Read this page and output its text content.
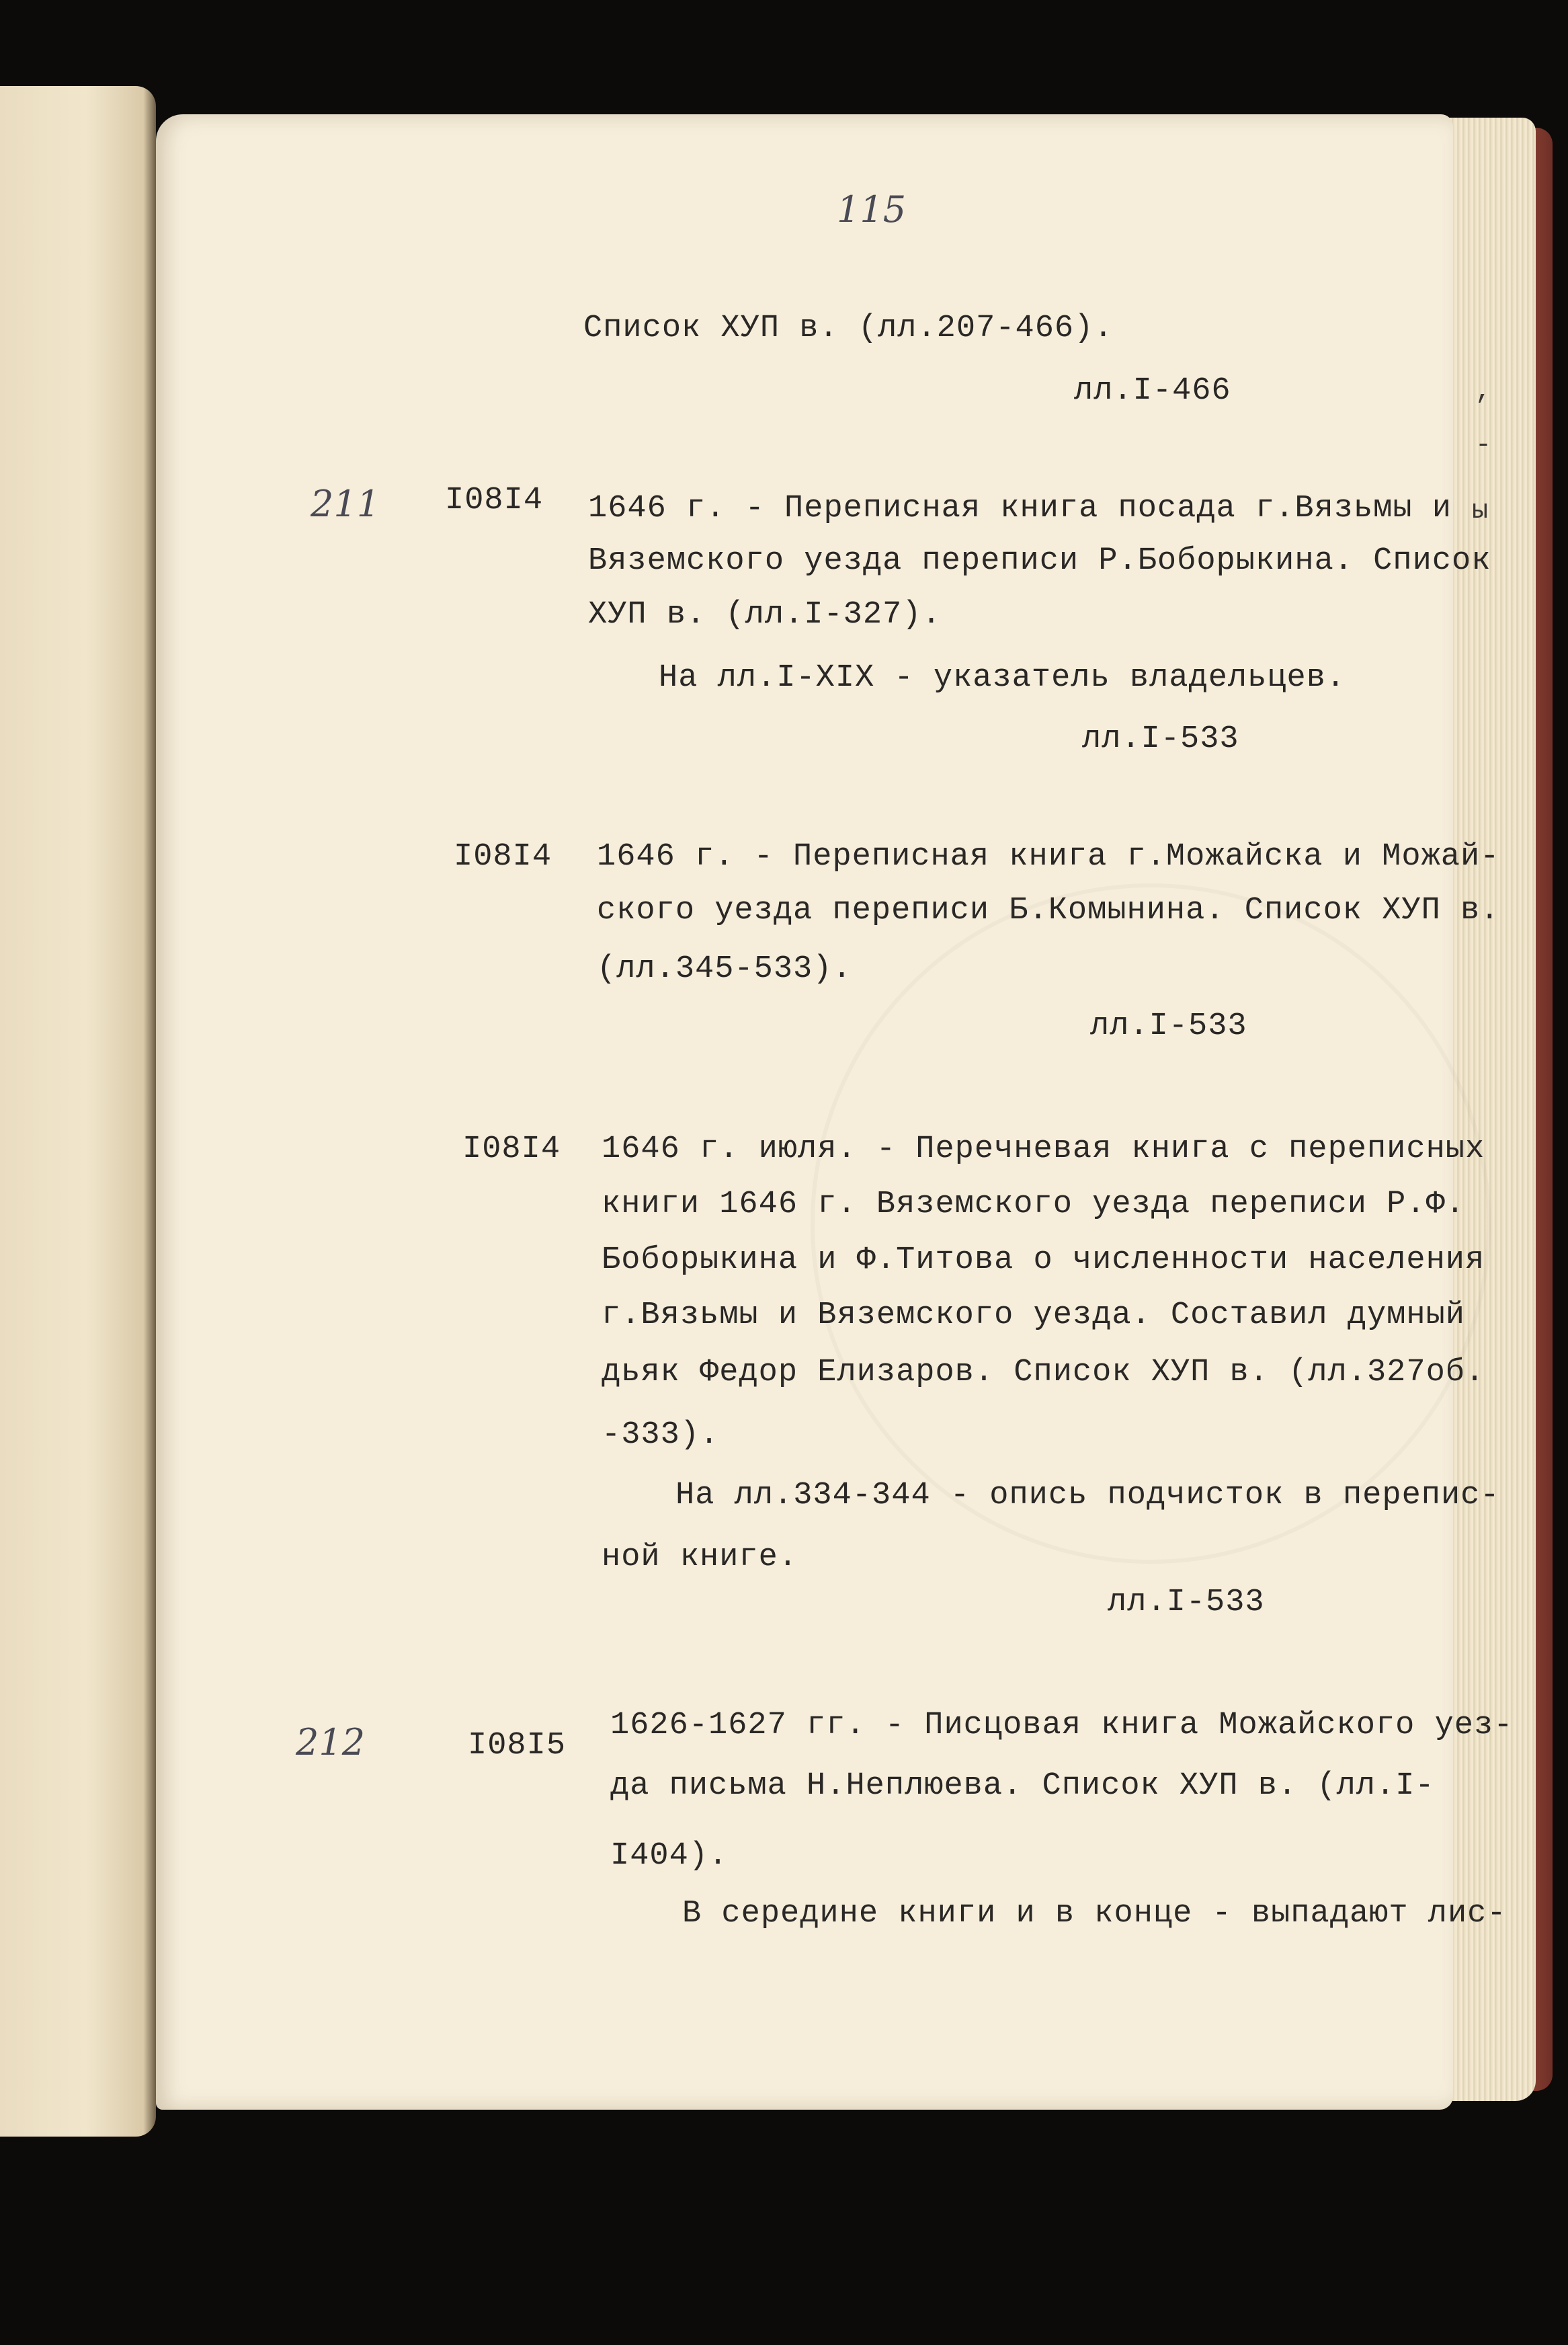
115
Список ХУП в. (лл.207-466).
лл.I-466
211 I08I4 1646 г. - Переписная книга посада г.Вязьмы и
Вяземского уезда переписи Р.Боборыкина. Список
ХУП в. (лл.I-327).
На лл.I-XIX - указатель владельцев.
лл.I-533
I08I4 1646 г. - Переписная книга г.Можайска и Можай-
ского уезда переписи Б.Комынина. Список ХУП в.
(лл.345-533).
лл.I-533
I08I4 1646 г. июля. - Перечневая книга с переписных
книги 1646 г. Вяземского уезда переписи Р.Ф.
Боборыкина и Ф.Титова о численности населения
г.Вязьмы и Вяземского уезда. Составил думный
дьяк Федор Елизаров. Список ХУП в. (лл.327об.
-333).
На лл.334-344 - опись подчисток в перепис-
ной книге.
лл.I-533
212	I08I5
1626-1627 гг. - Писцовая книга Можайского уез-
да письма Н.Неплюева. Список ХУП в. (лл.I-
I404).
В середине книги и в конце - выпадают лис-
,
-
ы
